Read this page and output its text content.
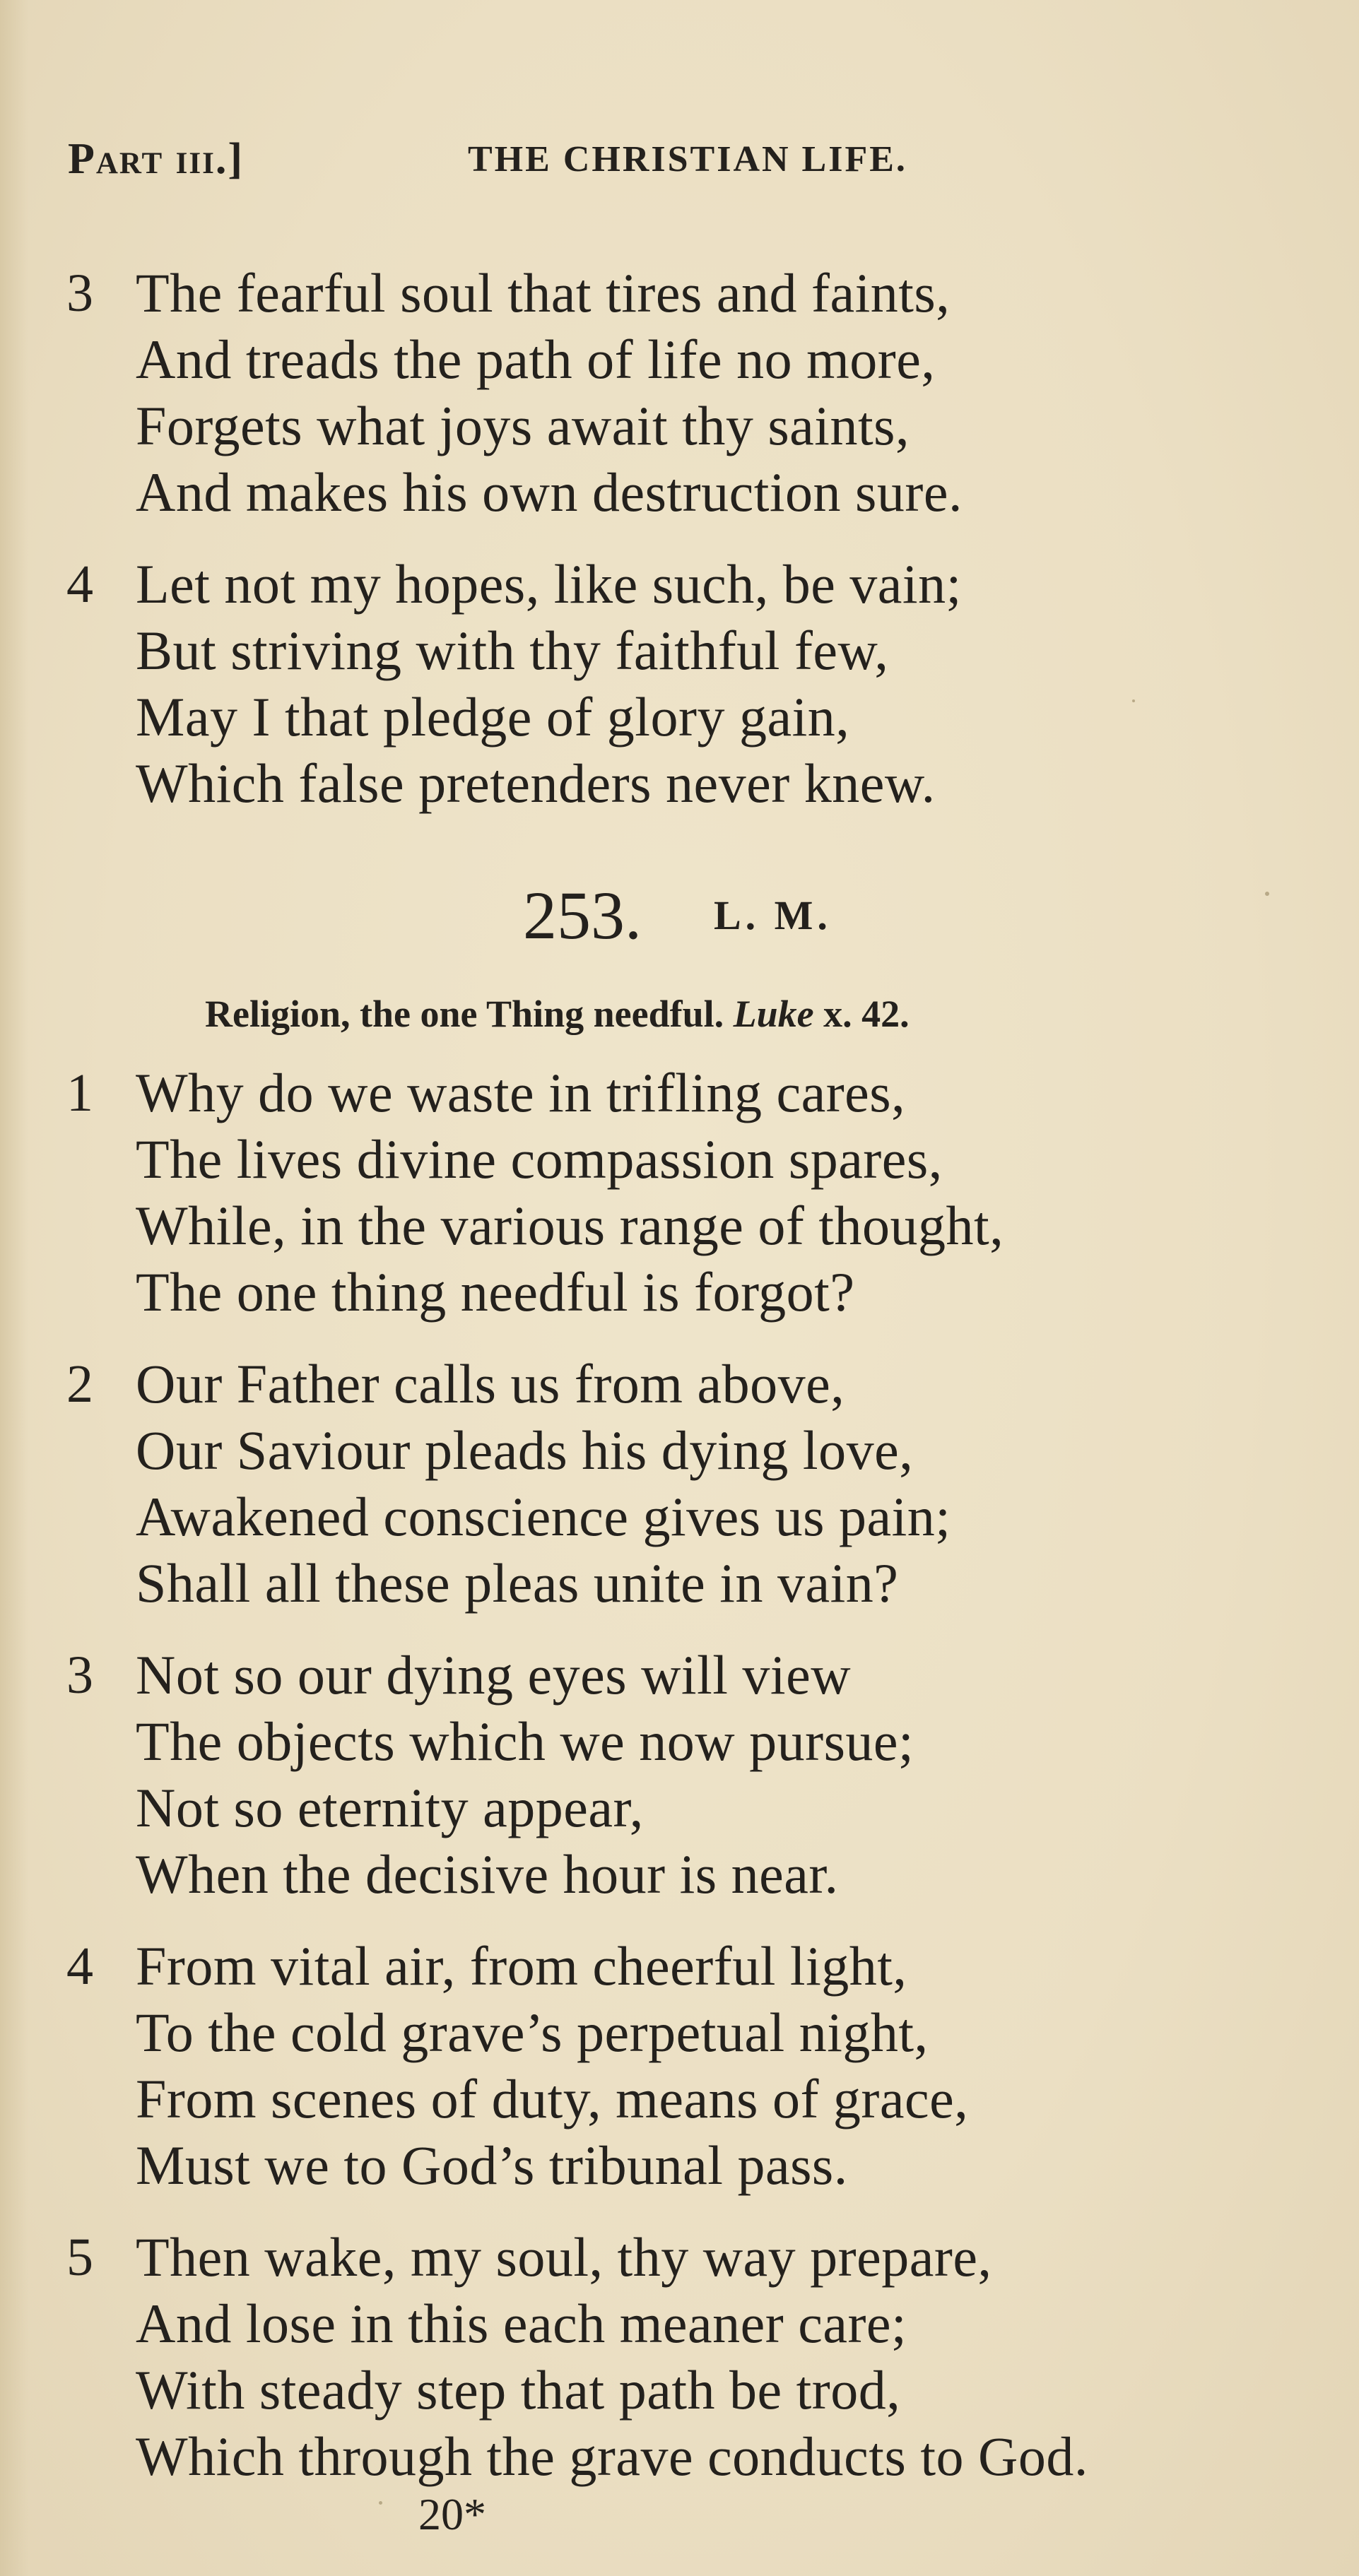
Part iii.]	THE CHRISTIAN LIFE.
3 The fearful soul that tires and faints,
And treads the path of life no more,
Forgets what joys await thy saints,
And makes his own destruction sure.
4 Let not my hopes, like such, be vain;
But striving with thy faithful few,
May I that pledge of glory gain,
Which false pretenders never knew.
253. L. M.
Religion, the one Thing needful. Luke x. 42.
1 Why do we waste in trifling cares,
The lives divine compassion spares,
While, in the various range of thought,
The one thing needful is forgot?
2 Our Father calls us from above,
Our Saviour pleads his dying love,
Awakened conscience gives us pain;
Shall all these pleas unite in vain?
3 Not so our dying eyes will view
The objects which we now pursue;
Not so eternity appear,
When the decisive hour is near.
4 From vital air, from cheerful light,
To the cold grave’s perpetual night,
From scenes of duty, means of grace,
Must we to God’s tribunal pass.
5 Then wake, my soul, thy way prepare,
And lose in this each meaner care;
With steady step that path be trod,
Which through the grave conducts to God.
20*
